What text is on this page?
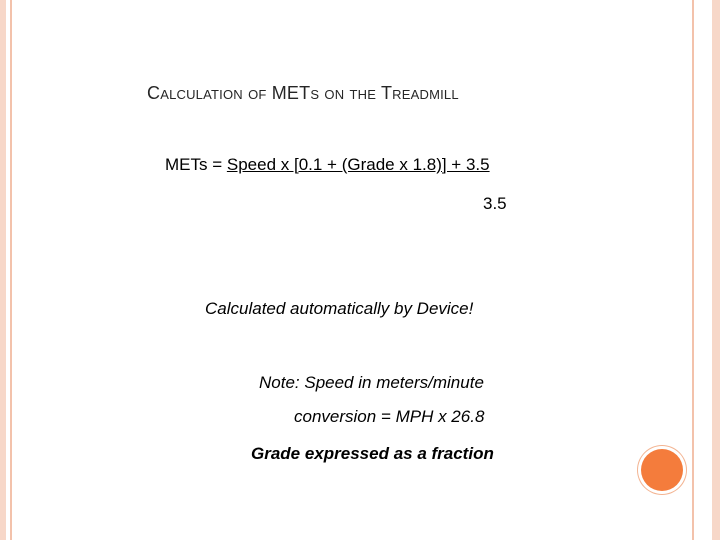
Calculation of METs on the Treadmill
METs = Speed x [0.1 + (Grade x 1.8)] + 3.5
3.5
Calculated automatically by Device!
Note: Speed in meters/minute
conversion = MPH x 26.8
Grade expressed as a fraction
